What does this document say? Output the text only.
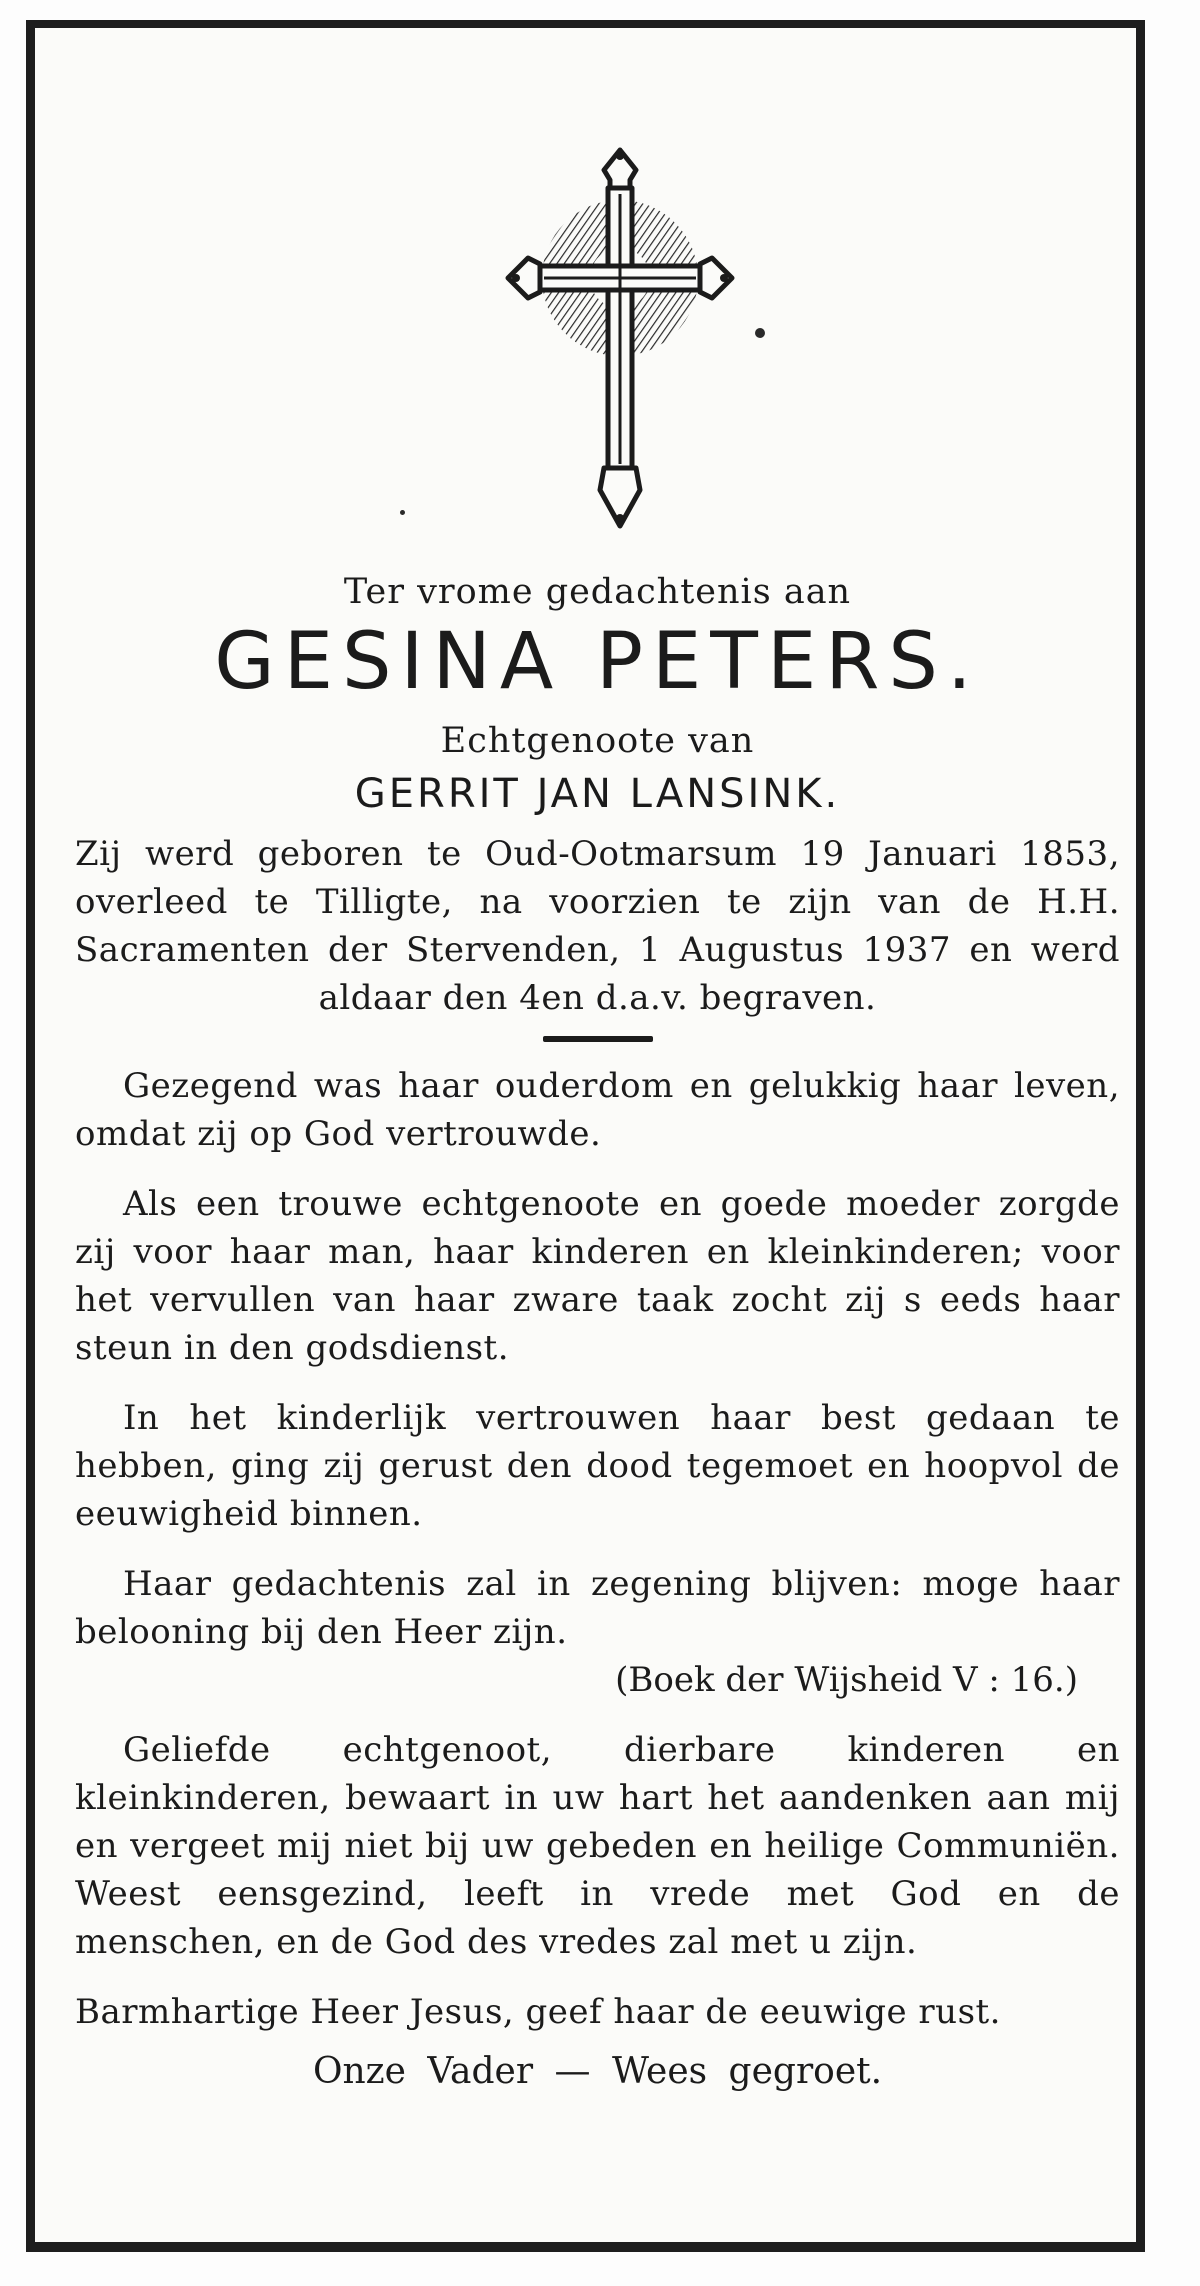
Ter vrome gedachtenis aan
GESINA PETERS.
Echtgenoote van
GERRIT JAN LANSINK.

Zij werd geboren te Oud-Ootmarsum 19 Januari 1853, overleed te Tilligte, na voorzien te zijn van de H.H. Sacramenten der Stervenden, 1 Augustus 1937 en werd aldaar den 4en d.a.v. begraven.

Gezegend was haar ouderdom en gelukkig haar leven, omdat zij op God vertrouwde.

Als een trouwe echtgenoote en goede moeder zorgde zij voor haar man, haar kinderen en kleinkinderen; voor het vervullen van haar zware taak zocht zij s eeds haar steun in den godsdienst.

In het kinderlijk vertrouwen haar best gedaan te hebben, ging zij gerust den dood tegemoet en hoopvol de eeuwigheid binnen.

Haar gedachtenis zal in zegening blijven: moge haar belooning bij den Heer zijn.

(Boek der Wijsheid V : 16.)

Geliefde echtgenoot, dierbare kinderen en kleinkinderen, bewaart in uw hart het aandenken aan mij en vergeet mij niet bij uw gebeden en heilige Communiën. Weest eensgezind, leeft in vrede met God en de menschen, en de God des vredes zal met u zijn.

Barmhartige Heer Jesus, geef haar de eeuwige rust.

Onze Vader — Wees gegroet.
